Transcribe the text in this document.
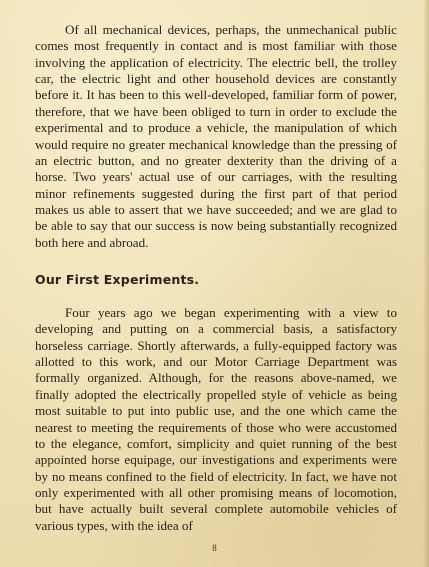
Of all mechanical devices, perhaps, the unmechanical public comes most frequently in contact and is most familiar with those involving the application of electricity. The electric bell, the trolley car, the electric light and other household devices are constantly before it. It has been to this well-developed, familiar form of power, therefore, that we have been obliged to turn in order to exclude the experimental and to produce a vehicle, the manipulation of which would require no greater mechanical knowledge than the pressing of an electric button, and no greater dexterity than the driving of a horse. Two years' actual use of our carriages, with the resulting minor refinements suggested during the first part of that period makes us able to assert that we have succeeded; and we are glad to be able to say that our success is now being substantially recognized both here and abroad.

Our First Experiments.

Four years ago we began experimenting with a view to developing and putting on a commercial basis, a satisfactory horseless carriage. Shortly afterwards, a fully-equipped factory was allotted to this work, and our Motor Carriage Department was formally organized. Although, for the reasons above-named, we finally adopted the electrically propelled style of vehicle as being most suitable to put into public use, and the one which came the nearest to meeting the requirements of those who were accustomed to the elegance, comfort, simplicity and quiet running of the best appointed horse equipage, our investigations and experiments were by no means confined to the field of electricity. In fact, we have not only experimented with all other promising means of locomotion, but have actually built several complete automobile vehicles of various types, with the idea of

8
